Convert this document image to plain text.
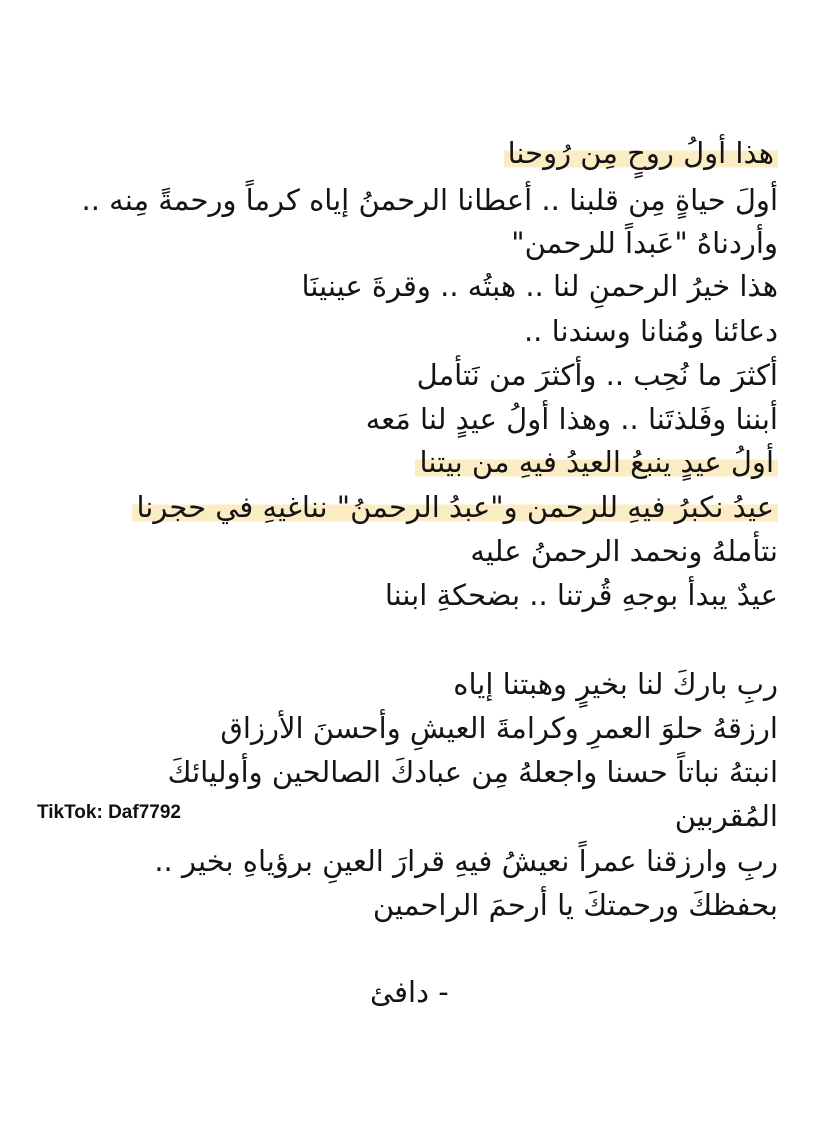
هذا أولُ روحٍ مِن رُوحنا
أولَ حياةٍ مِن قلبنا .. أعطانا الرحمنُ إياه كرماً ورحمةً مِنه ..
وأردناهُ "عَبداً للرحمن"
هذا خيرُ الرحمنِ لنا .. هبتُه .. وقرةَ عينينَا
دعائنا ومُنانا وسندنا ..
أكثرَ ما نُحِب .. وأكثرَ من نَتأمل
أبننا وفَلذتَنا .. وهذا أولُ عيدٍ لنا مَعه
أولُ عيدٍ ينبعُ العيدُ فيهِ من بيتنا
عيدُ نكبرُ فيهِ للرحمن و"عبدُ الرحمنُ" نناغيهِ في حجرنا
نتأملهُ ونحمد الرحمنُ عليه
عيدٌ يبدأ بوجهِ قُرتنا .. بضحكةِ ابننا
ربِ باركَ لنا بخيرٍ وهبتنا إياه
ارزقهُ حلوَ العمرِ وكرامةَ العيشِ وأحسنَ الأرزاق
انبتهُ نباتاً حسنا واجعلهُ مِن عبادكَ الصالحين وأوليائكَ
المُقربين
ربِ وارزقنا عمراً نعيشُ فيهِ قرارَ العينِ برؤياهِ بخير ..
بحفظكَ ورحمتكَ يا أرحمَ الراحمين
TikTok: Daf7792
- دافئ
